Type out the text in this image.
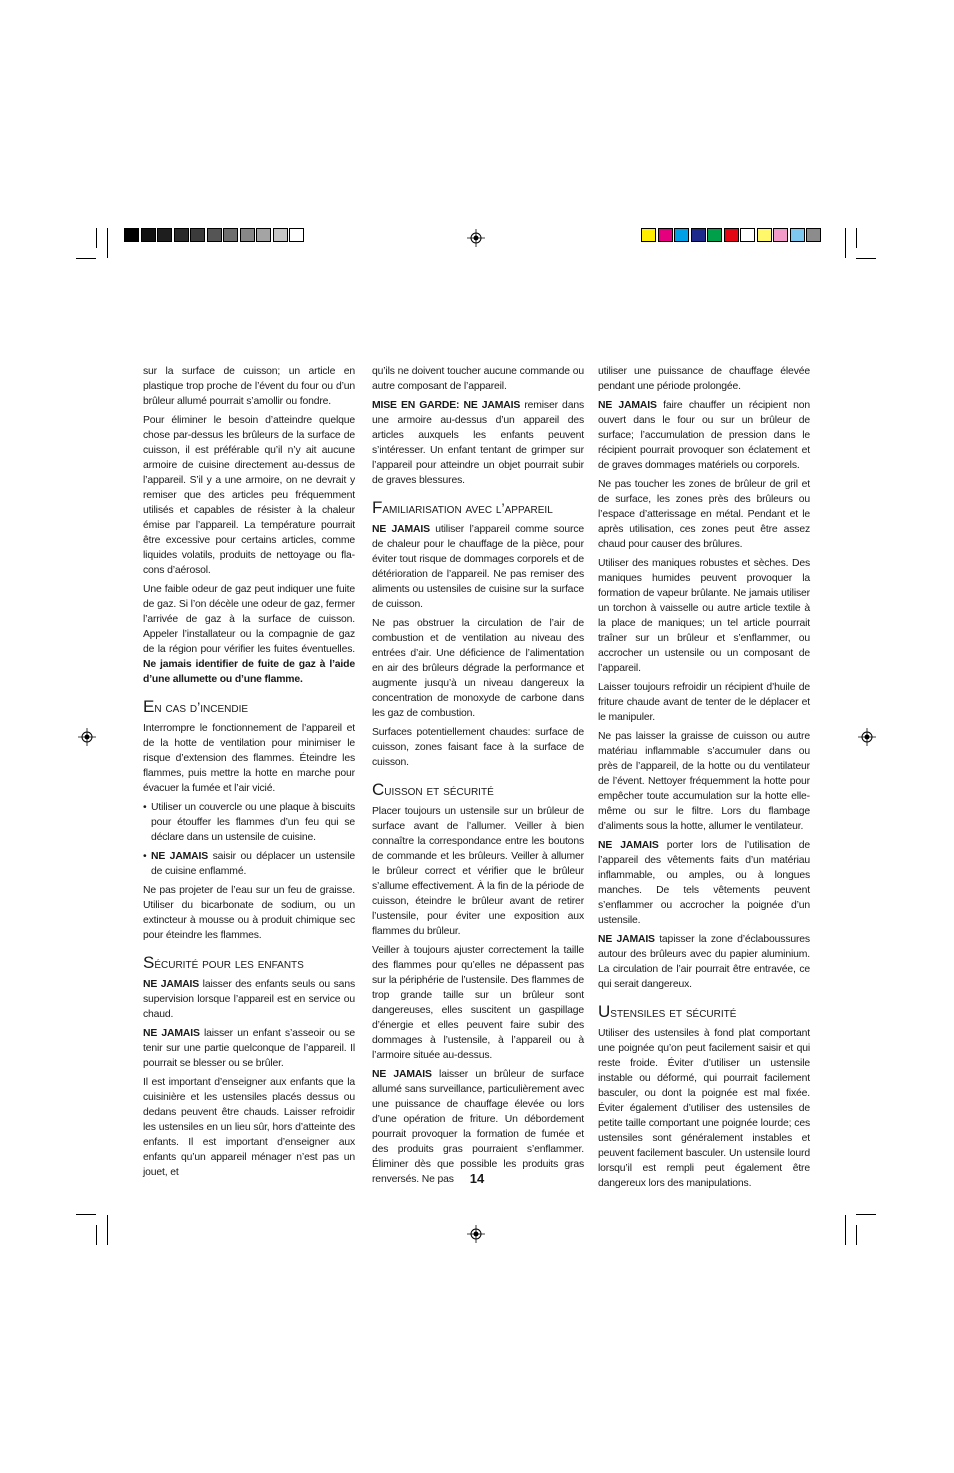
sur la surface de cuisson; un article en plastique trop proche de l’évent du four ou d’un brûleur allumé pourrait s’amollir ou fondre.

Pour éliminer le besoin d’atteindre quelque chose par-dessus les brûleurs de la surface de cuisson, il est préférable qu’il n’y ait aucune armoire de cuisine directement au-dessus de l’appareil. S’il y a une armoire, on ne devrait y remiser que des articles peu fréquemment utilisés et capables de résister à la chaleur émise par l’appareil. La température pourrait être excessive pour certains articles, comme liquides volatils, produits de nettoyage ou fla-cons d’aérosol.

Une faible odeur de gaz peut indiquer une fuite de gaz. Si l’on décèle une odeur de gaz, fermer l’arrivée de gaz à la surface de cuisson. Appeler l’installateur ou la compagnie de gaz de la région pour vérifier les fuites éventuelles. Ne jamais identifier de fuite de gaz à l’aide d’une allumette ou d’une flamme.

En cas d’incendie

Interrompre le fonctionnement de l’appareil et de la hotte de ventilation pour minimiser le risque d’extension des flammes. Éteindre les flammes, puis mettre la hotte en marche pour évacuer la fumée et l’air vicié.

• Utiliser un couvercle ou une plaque à biscuits pour étouffer les flammes d’un feu qui se déclare dans un ustensile de cuisine.
• NE JAMAIS saisir ou déplacer un ustensile de cuisine enflammé.

Ne pas projeter de l’eau sur un feu de graisse. Utiliser du bicarbonate de sodium, ou un extincteur à mousse ou à produit chimique sec pour éteindre les flammes.

Sécurité pour les enfants

NE JAMAIS laisser des enfants seuls ou sans supervision lorsque l’appareil est en service ou chaud.

NE JAMAIS laisser un enfant s’asseoir ou se tenir sur une partie quelconque de l’appareil. Il pourrait se blesser ou se brûler.

Il est important d’enseigner aux enfants que la cuisinière et les ustensiles placés dessus ou dedans peuvent être chauds. Laisser refroidir les ustensiles en un lieu sûr, hors d’atteinte des enfants. Il est important d’enseigner aux enfants qu’un appareil ménager n’est pas un jouet, et

qu’ils ne doivent toucher aucune commande ou autre composant de l’appareil.

MISE EN GARDE: NE JAMAIS remiser dans une armoire au-dessus d’un appareil des articles auxquels les enfants peuvent s’intéresser. Un enfant tentant de grimper sur l’appareil pour atteindre un objet pourrait subir de graves blessures.

Familiarisation avec l’appareil

NE JAMAIS utiliser l’appareil comme source de chaleur pour le chauffage de la pièce, pour éviter tout risque de dommages corporels et de détérioration de l’appareil. Ne pas remiser des aliments ou ustensiles de cuisine sur la surface de cuisson.

Ne pas obstruer la circulation de l’air de combustion et de ventilation au niveau des entrées d’air. Une déficience de l’alimentation en air des brûleurs dégrade la performance et augmente jusqu’à un niveau dangereux la concentration de monoxyde de carbone dans les gaz de combustion.

Surfaces potentiellement chaudes: surface de cuisson, zones faisant face à la surface de cuisson.

Cuisson et sécurité

Placer toujours un ustensile sur un brûleur de surface avant de l’allumer. Veiller à bien connaître la correspondance entre les boutons de commande et les brûleurs. Veiller à allumer le brûleur correct et vérifier que le brûleur s’allume effectivement. À la fin de la période de cuisson, éteindre le brûleur avant de retirer l’ustensile, pour éviter une exposition aux flammes du brûleur.

Veiller à toujours ajuster correctement la taille des flammes pour qu’elles ne dépassent pas sur la périphérie de l’ustensile. Des flammes de trop grande taille sur un brûleur sont dangereuses, elles suscitent un gaspillage d’énergie et elles peuvent faire subir des dommages à l’ustensile, à l’appareil ou à l’armoire située au-dessus.

NE JAMAIS laisser un brûleur de surface allumé sans surveillance, particulièrement avec une puissance de chauffage élevée ou lors d’une opération de friture. Un débordement pourrait provoquer la formation de fumée et des produits gras pourraient s’enflammer. Éliminer dès que possible les produits gras renversés. Ne pas

utiliser une puissance de chauffage élevée pendant une période prolongée.

NE JAMAIS faire chauffer un récipient non ouvert dans le four ou sur un brûleur de surface; l’accumulation de pression dans le récipient pourrait provoquer son éclatement et de graves dommages matériels ou corporels.

Ne pas toucher les zones de brûleur de gril et de surface, les zones près des brûleurs ou l’espace d’atterissage en métal. Pendant et le après utilisation, ces zones peut être assez chaud pour causer des brûlures.

Utiliser des maniques robustes et sèches. Des maniques humides peuvent provoquer la formation de vapeur brûlante. Ne jamais utiliser un torchon à vaisselle ou autre article textile à la place de maniques; un tel article pourrait traîner sur un brûleur et s’enflammer, ou accrocher un ustensile ou un composant de l’appareil.

Laisser toujours refroidir un récipient d’huile de friture chaude avant de tenter de le déplacer et le manipuler.

Ne pas laisser la graisse de cuisson ou autre matériau inflammable s’accumuler dans ou près de l’appareil, de la hotte ou du ventilateur de l’évent. Nettoyer fréquemment la hotte pour empêcher toute accumulation sur la hotte elle-même ou sur le filtre. Lors du flambage d’aliments sous la hotte, allumer le ventilateur.

NE JAMAIS porter lors de l’utilisation de l’appareil des vêtements faits d’un matériau inflammable, ou amples, ou à longues manches. De tels vêtements peuvent s’enflammer ou accrocher la poignée d’un ustensile.

NE JAMAIS tapisser la zone d’éclaboussures autour des brûleurs avec du papier aluminium. La circulation de l’air pourrait être entravée, ce qui serait dangereux.

Ustensiles et sécurité

Utiliser des ustensiles à fond plat comportant une poignée qu’on peut facilement saisir et qui reste froide. Éviter d’utiliser un ustensile instable ou déformé, qui pourrait facilement basculer, ou dont la poignée est mal fixée. Éviter également d’utiliser des ustensiles de petite taille comportant une poignée lourde; ces ustensiles sont généralement instables et peuvent facilement basculer. Un ustensile lourd lorsqu’il est rempli peut également être dangereux lors des manipulations.

14
